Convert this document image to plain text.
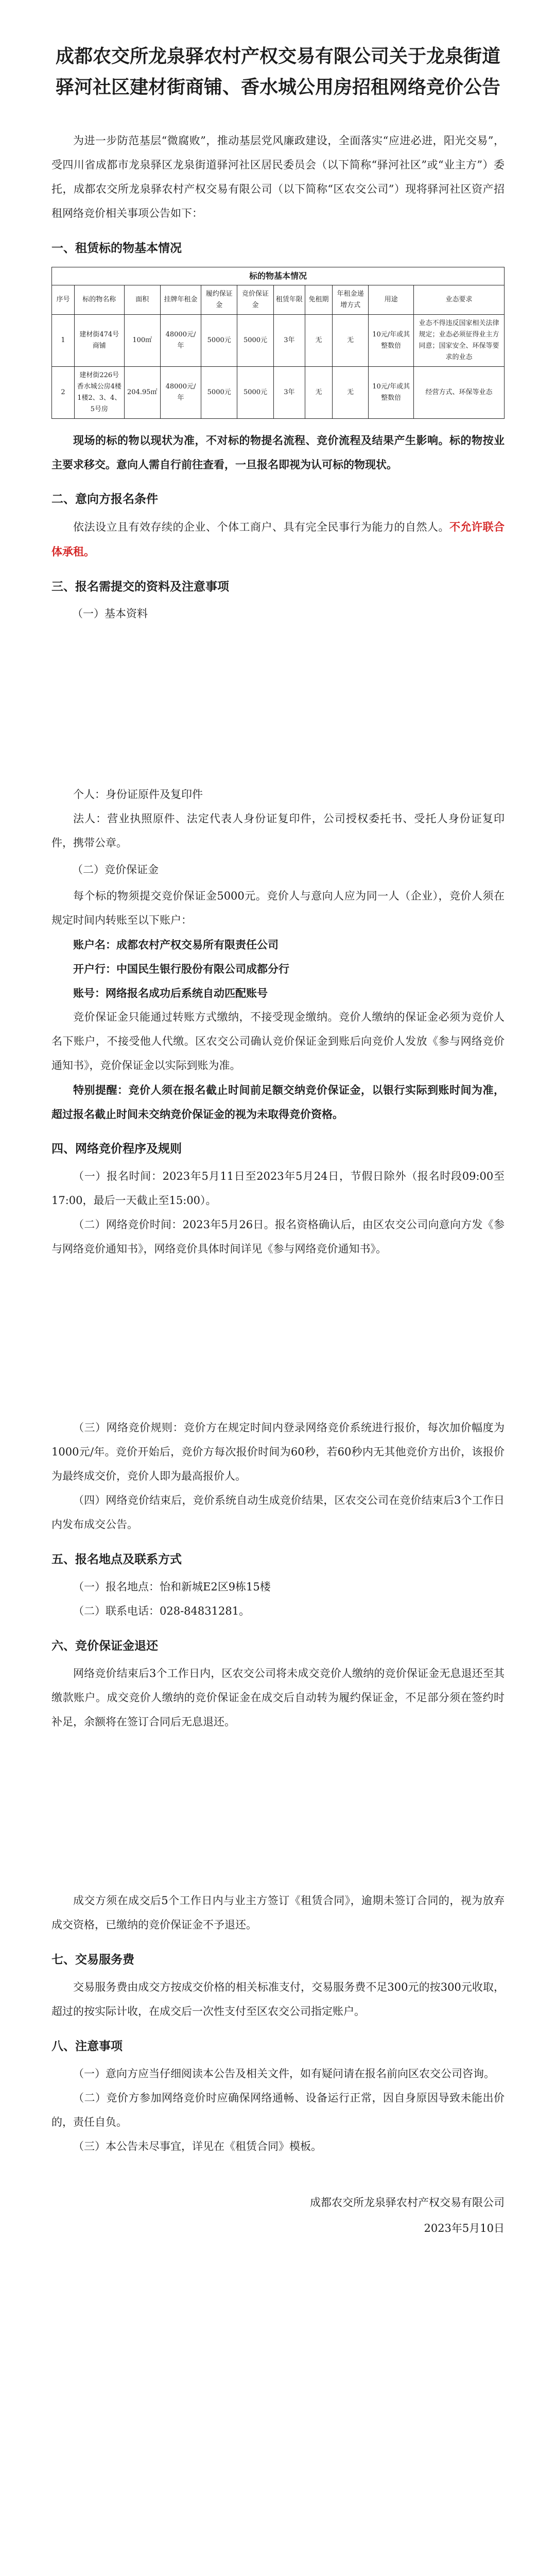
成都农交所龙泉驿农村产权交易有限公司关于龙泉街道驿河社区建材街商铺、香水城公用房招租网络竞价公告

为进一步防范基层“微腐败”，推动基层党风廉政建设，全面落实“应进必进，阳光交易”，受四川省成都市龙泉驿区龙泉街道驿河社区居民委员会（以下简称“驿河社区”或“业主方”）委托，成都农交所龙泉驿农村产权交易有限公司（以下简称“区农交公司”）现将驿河社区资产招租网络竞价相关事项公告如下：

一、租赁标的物基本情况
标的物基本情况										
序号	标的物名称	面积	挂牌年租金	履约保证金	竞价保证金	租赁年限	免租期	年租金递增方式	用途	业态要求
1	建材街474号商铺	100㎡	48000元/年	5000元	5000元	3年	无	无	10元/年或其整数倍	业态不得违反国家相关法律规定；业态必须征得业主方同意；国家安全、环保等要求的业态
2	建材街226号香水城公房4楼1楼2、3、4、5号房	204.95㎡	48000元/年	5000元	5000元	3年	无	无	10元/年或其整数倍	经营方式、环保等业态

现场的标的物以现状为准，不对标的物提名流程、竞价流程及结果产生影响。标的物按业主要求移交。意向人需自行前往查看，一旦报名即视为认可标的物现状。

二、意向方报名条件

依法设立且有效存续的企业、个体工商户、具有完全民事行为能力的自然人。不允许联合体承租。

三、报名需提交的资料及注意事项
（一）基本资料

个人：身份证原件及复印件

法人：营业执照原件、法定代表人身份证复印件，公司授权委托书、受托人身份证复印件，携带公章。

（二）竞价保证金

每个标的物须提交竞价保证金5000元。竞价人与意向人应为同一人（企业），竞价人须在规定时间内转账至以下账户：

账户名：成都农村产权交易所有限责任公司

开户行：中国民生银行股份有限公司成都分行

账号：网络报名成功后系统自动匹配账号

竞价保证金只能通过转账方式缴纳，不接受现金缴纳。竞价人缴纳的保证金必须为竞价人名下账户，不接受他人代缴。区农交公司确认竞价保证金到账后向竞价人发放《参与网络竞价通知书》，竞价保证金以实际到账为准。

特别提醒：竞价人须在报名截止时间前足额交纳竞价保证金，以银行实际到账时间为准，超过报名截止时间未交纳竞价保证金的视为未取得竞价资格。

四、网络竞价程序及规则

（一）报名时间：2023年5月11日至2023年5月24日，节假日除外（报名时段09:00至17:00，最后一天截止至15:00）。

（二）网络竞价时间：2023年5月26日。报名资格确认后，由区农交公司向意向方发《参与网络竞价通知书》，网络竞价具体时间详见《参与网络竞价通知书》。

（三）网络竞价规则：竞价方在规定时间内登录网络竞价系统进行报价，每次加价幅度为1000元/年。竞价开始后，竞价方每次报价时间为60秒，若60秒内无其他竞价方出价，该报价为最终成交价，竞价人即为最高报价人。

（四）网络竞价结束后，竞价系统自动生成竞价结果，区农交公司在竞价结束后3个工作日内发布成交公告。

五、报名地点及联系方式

（一）报名地点：怡和新城E2区9栋15楼

（二）联系电话：028-84831281。

六、竞价保证金退还

网络竞价结束后3个工作日内，区农交公司将未成交竞价人缴纳的竞价保证金无息退还至其缴款账户。成交竞价人缴纳的竞价保证金在成交后自动转为履约保证金，不足部分须在签约时补足，余额将在签订合同后无息退还。

成交方须在成交后5个工作日内与业主方签订《租赁合同》，逾期未签订合同的，视为放弃成交资格，已缴纳的竞价保证金不予退还。

七、交易服务费

交易服务费由成交方按成交价格的相关标准支付，交易服务费不足300元的按300元收取，超过的按实际计收，在成交后一次性支付至区农交公司指定账户。

八、注意事项

（一）意向方应当仔细阅读本公告及相关文件，如有疑问请在报名前向区农交公司咨询。

（二）竞价方参加网络竞价时应确保网络通畅、设备运行正常，因自身原因导致未能出价的，责任自负。

（三）本公告未尽事宜，详见在《租赁合同》模板。

成都农交所龙泉驿农村产权交易有限公司

2023年5月10日
